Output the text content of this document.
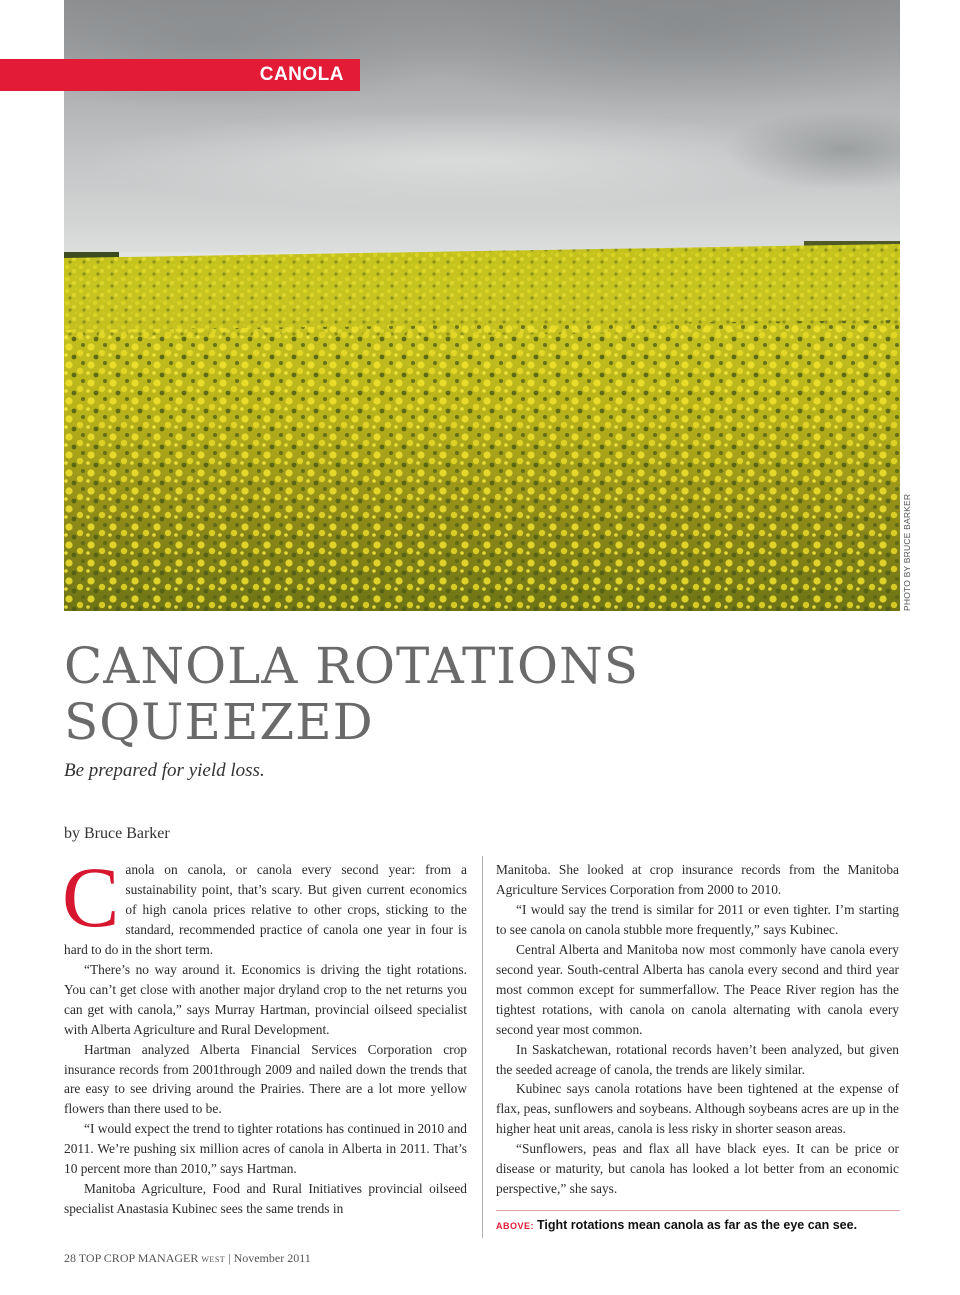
CANOLA
PHOTO BY BRUCE BARKER
CANOLA ROTATIONS
SQUEEZED
Be prepared for yield loss.
by Bruce Barker

Canola on canola, or canola every second year: from a sustainability point, that’s scary. But given current economics of high canola prices relative to other crops, sticking to the standard, recommended practice of canola one year in four is hard to do in the short term.

“There’s no way around it. Economics is driving the tight rotations. You can’t get close with another major dryland crop to the net returns you can get with canola,” says Murray Hartman, provincial oilseed specialist with Alberta Agriculture and Rural Development.

Hartman analyzed Alberta Financial Services Corporation crop insurance records from 2001through 2009 and nailed down the trends that are easy to see driving around the Prairies. There are a lot more yellow flowers than there used to be.

“I would expect the trend to tighter rotations has continued in 2010 and 2011. We’re pushing six million acres of canola in Alberta in 2011. That’s 10 percent more than 2010,” says Hartman.

Manitoba Agriculture, Food and Rural Initiatives provincial oilseed specialist Anastasia Kubinec sees the same trends in

Manitoba. She looked at crop insurance records from the Manitoba Agriculture Services Corporation from 2000 to 2010.

“I would say the trend is similar for 2011 or even tighter. I’m starting to see canola on canola stubble more frequently,” says Kubinec.

Central Alberta and Manitoba now most commonly have canola every second year. South-central Alberta has canola every second and third year most common except for summerfallow. The Peace River region has the tightest rotations, with canola on canola alternating with canola every second year most common.

In Saskatchewan, rotational records haven’t been analyzed, but given the seeded acreage of canola, the trends are likely similar.

Kubinec says canola rotations have been tightened at the expense of flax, peas, sunflowers and soybeans. Although soybeans acres are up in the higher heat unit areas, canola is less risky in shorter season areas.

“Sunflowers, peas and flax all have black eyes. It can be price or disease or maturity, but canola has looked a lot better from an economic perspective,” she says.

ABOVE: Tight rotations mean canola as far as the eye can see.
28 TOP CROP MANAGER WEST | November 2011
